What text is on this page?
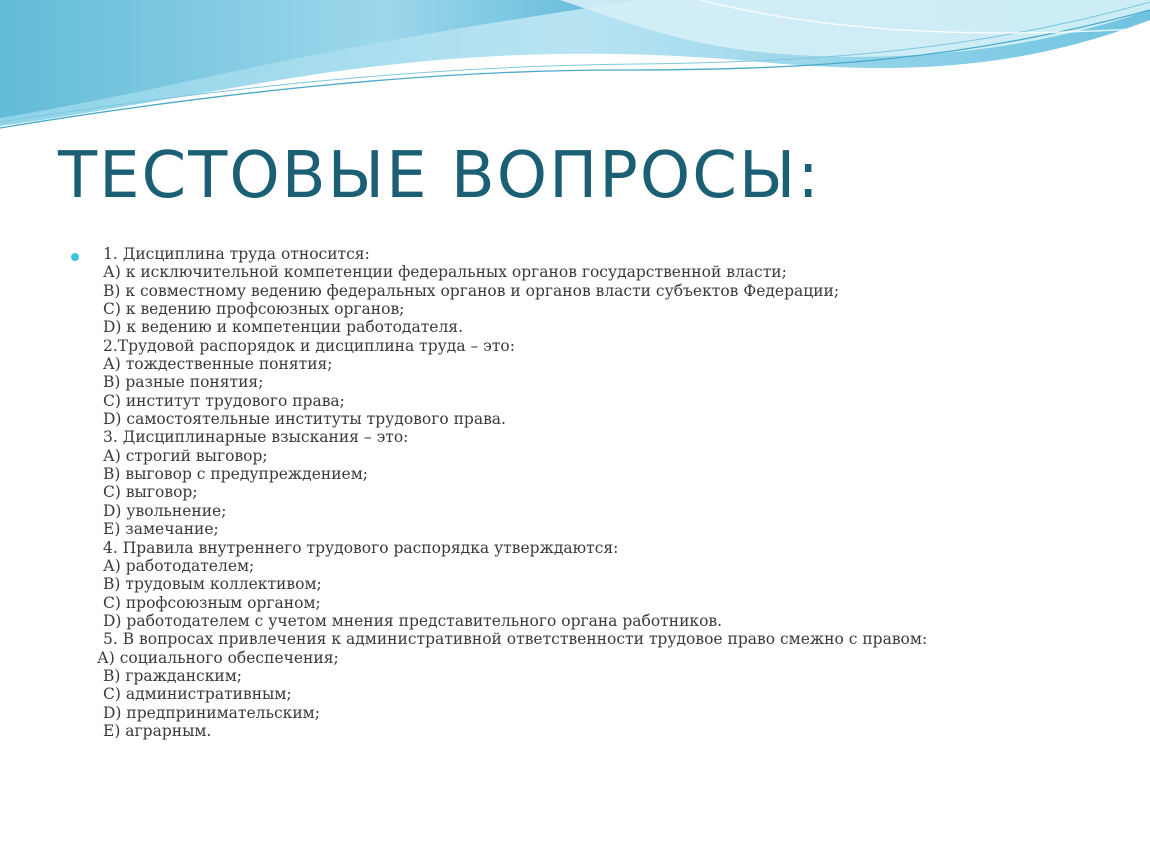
ТЕСТОВЫЕ ВОПРОСЫ:
1. Дисциплина труда относится:
А) к исключительной компетенции федеральных органов государственной власти;
В) к совместному ведению федеральных органов и органов власти субъектов Федерации;
С) к ведению профсоюзных органов;
D) к ведению и компетенции работодателя.
2.Трудовой распорядок и дисциплина труда – это:
А) тождественные понятия;
В) разные понятия;
С) институт трудового права;
D) самостоятельные институты трудового права.
3. Дисциплинарные взыскания – это:
А) строгий выговор;
В) выговор с предупреждением;
С) выговор;
D) увольнение;
Е) замечание;
4. Правила внутреннего трудового распорядка утверждаются:
А) работодателем;
В) трудовым коллективом;
С) профсоюзным органом;
D) работодателем с учетом мнения представительного органа работников.
5. В вопросах привлечения к административной ответственности трудовое право смежно с правом:
А) социального обеспечения;
В) гражданским;
С) административным;
D) предпринимательским;
Е) аграрным.
